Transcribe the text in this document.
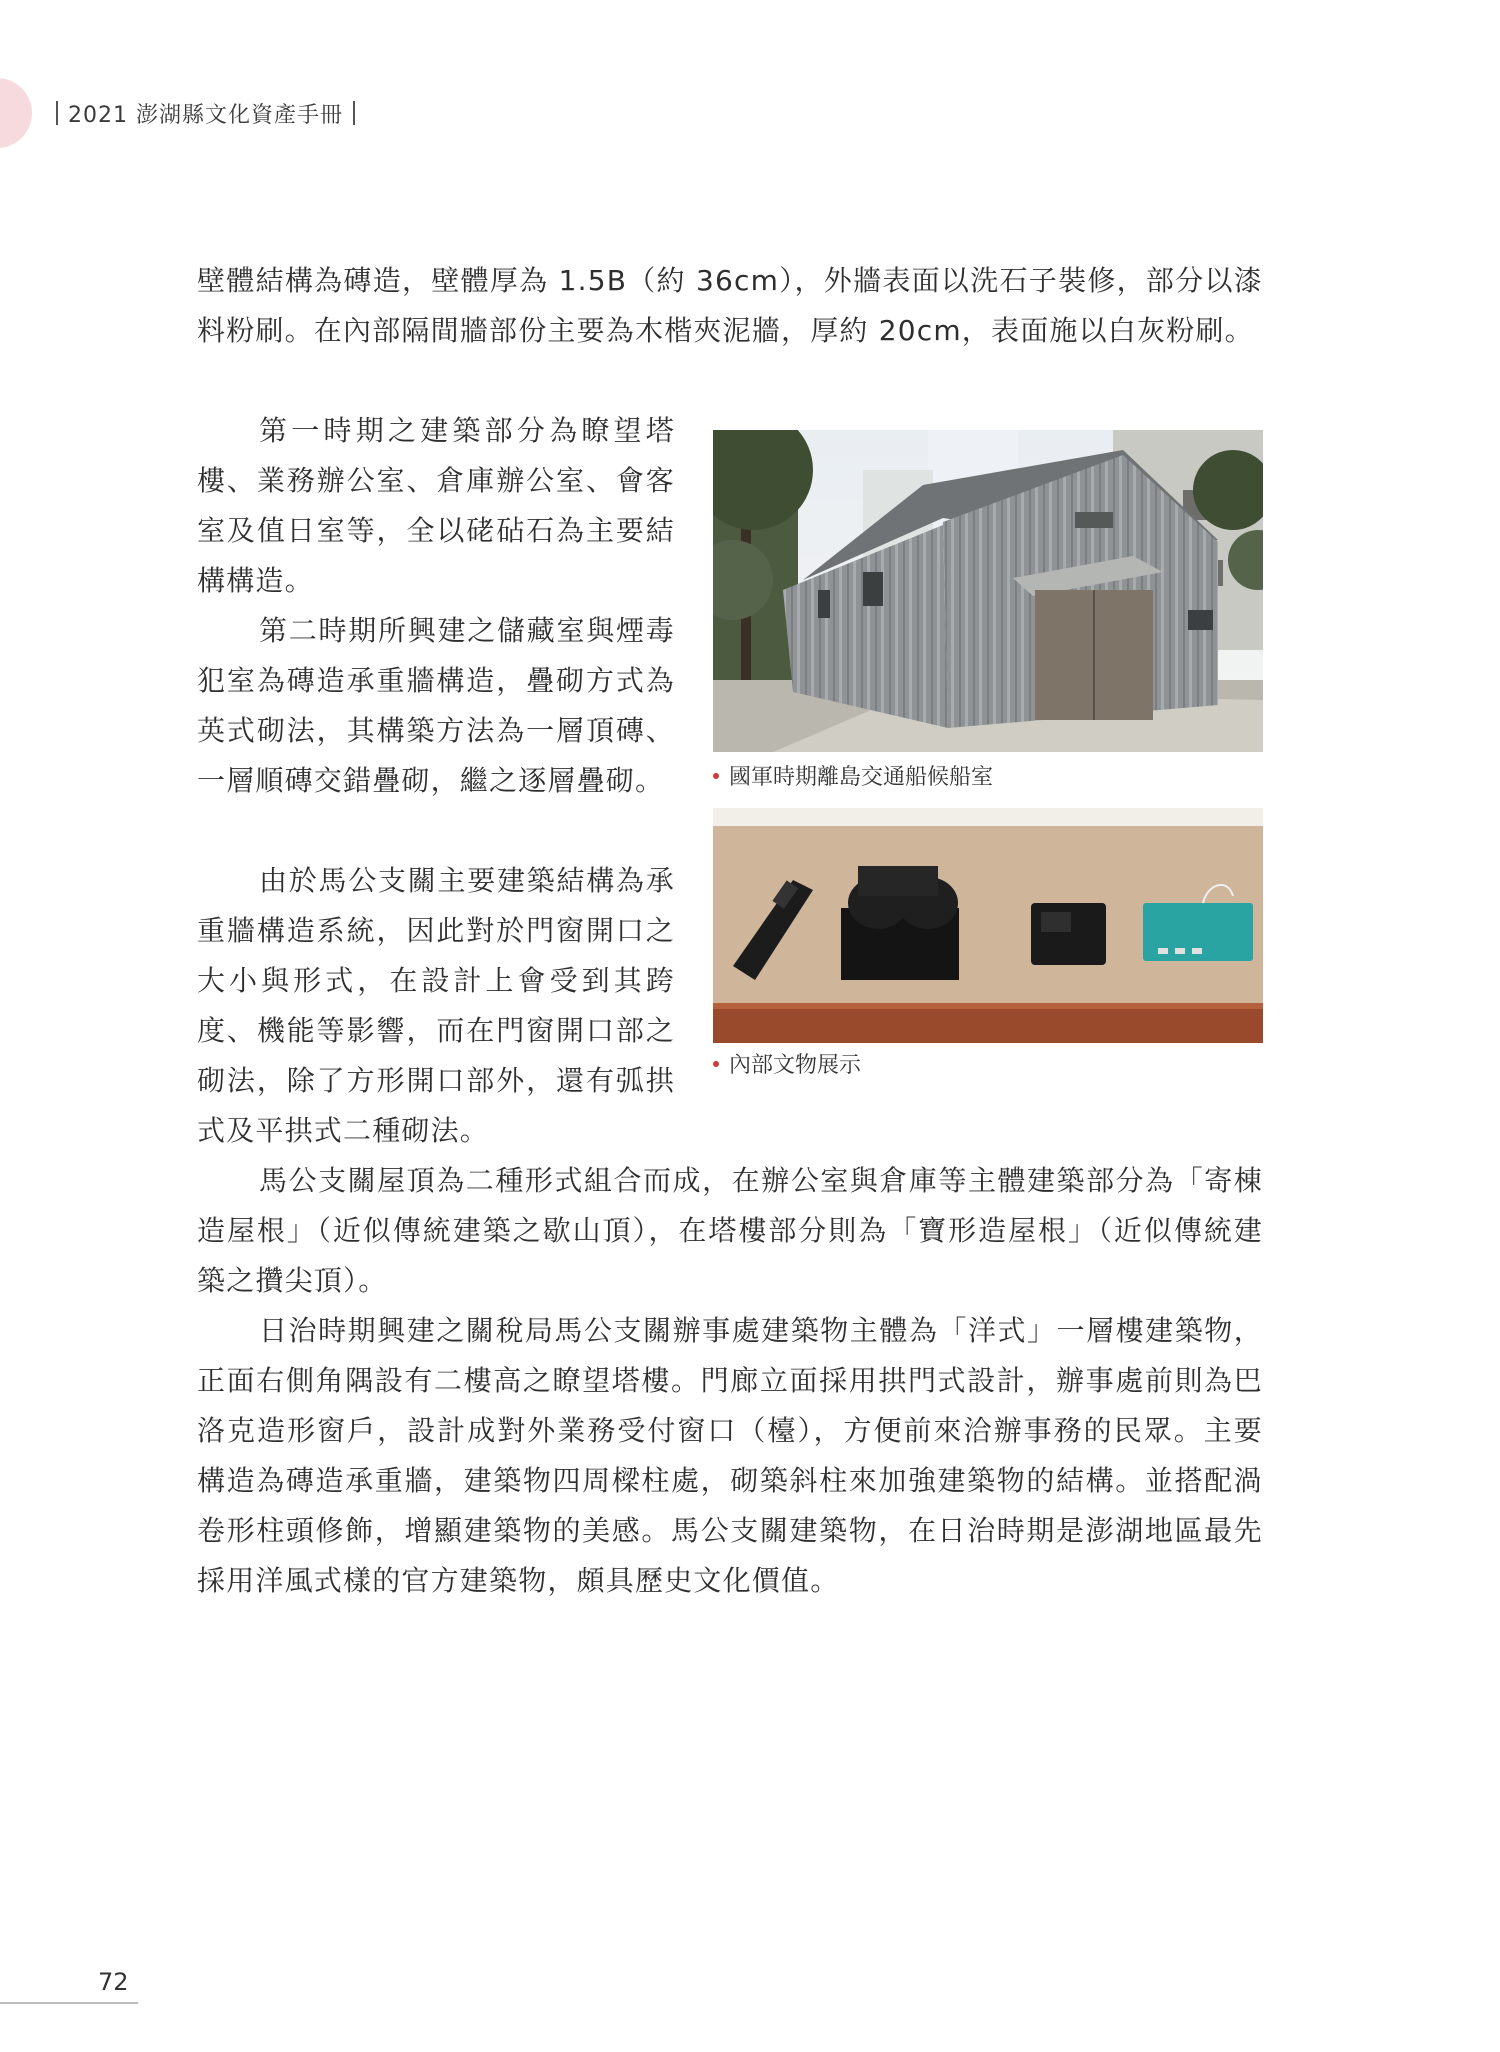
2021 澎湖縣文化資產手冊

壁體結構為磚造，壁體厚為 1.5B（約 36cm），外牆表面以洗石子裝修，部分以漆料粉刷。在內部隔間牆部份主要為木楷夾泥牆，厚約 20cm，表面施以白灰粉刷。

第一時期之建築部分為瞭望塔樓、業務辦公室、倉庫辦公室、會客室及值日室等，全以硓砧石為主要結構構造。

第二時期所興建之儲藏室與煙毒犯室為磚造承重牆構造，疊砌方式為英式砌法，其構築方法為一層頂磚、一層順磚交錯疊砌，繼之逐層疊砌。

由於馬公支關主要建築結構為承重牆構造系統，因此對於門窗開口之大小與形式，在設計上會受到其跨度、機能等影響，而在門窗開口部之砌法，除了方形開口部外，還有弧拱式及平拱式二種砌法。

馬公支關屋頂為二種形式組合而成，在辦公室與倉庫等主體建築部分為「寄棟造屋根」（近似傳統建築之歇山頂），在塔樓部分則為「寶形造屋根」（近似傳統建築之攢尖頂）。

日治時期興建之關稅局馬公支關辦事處建築物主體為「洋式」一層樓建築物，正面右側角隅設有二樓高之瞭望塔樓。門廊立面採用拱門式設計，辦事處前則為巴洛克造形窗戶，設計成對外業務受付窗口（檯），方便前來洽辦事務的民眾。主要構造為磚造承重牆，建築物四周樑柱處，砌築斜柱來加強建築物的結構。並搭配渦卷形柱頭修飾，增顯建築物的美感。馬公支關建築物，在日治時期是澎湖地區最先採用洋風式樣的官方建築物，頗具歷史文化價值。

國軍時期離島交通船候船室
內部文物展示
72
